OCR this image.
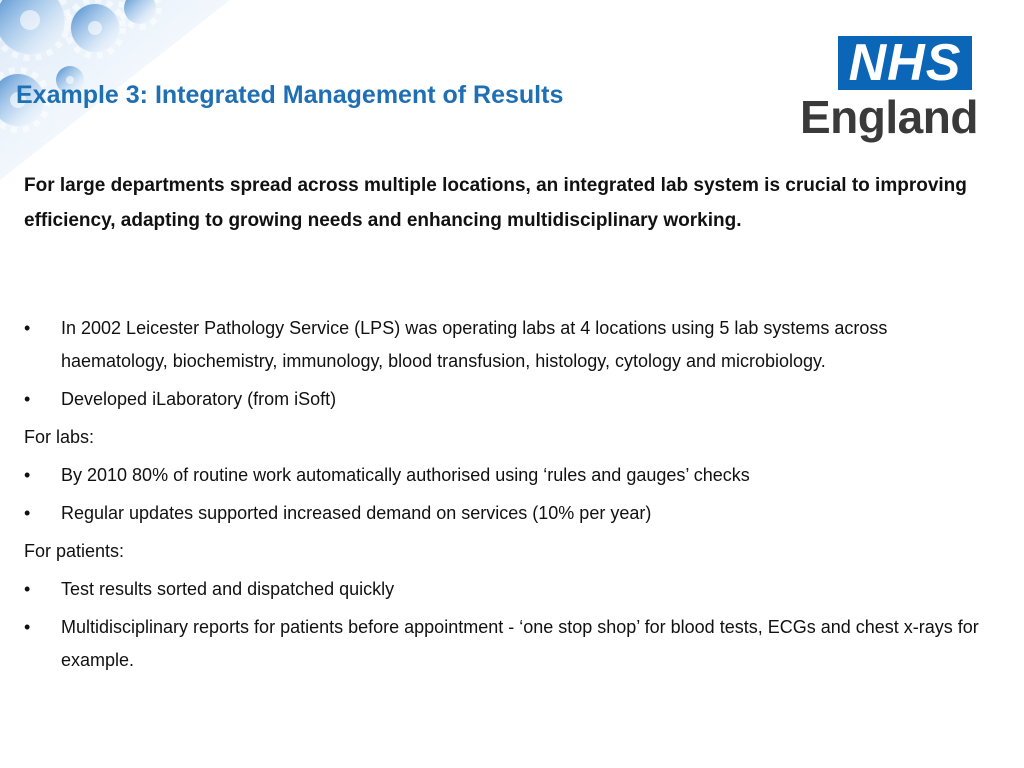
Example 3: Integrated Management of Results
NHS
England
For large departments spread across multiple locations, an integrated lab system is crucial to improving efficiency, adapting to growing needs and enhancing multidisciplinary working.
•	In 2002 Leicester Pathology Service (LPS) was operating labs at 4 locations using 5 lab systems across haematology, biochemistry, immunology, blood transfusion, histology, cytology and microbiology.
•	Developed iLaboratory (from iSoft)
For labs:
•	By 2010 80% of routine work automatically authorised using ‘rules and gauges’ checks
•	Regular updates supported increased demand on services (10% per year)
For patients:
•	Test results sorted and dispatched quickly
•	Multidisciplinary reports for patients before appointment - ‘one stop shop’ for blood tests, ECGs and chest x-rays for example.
